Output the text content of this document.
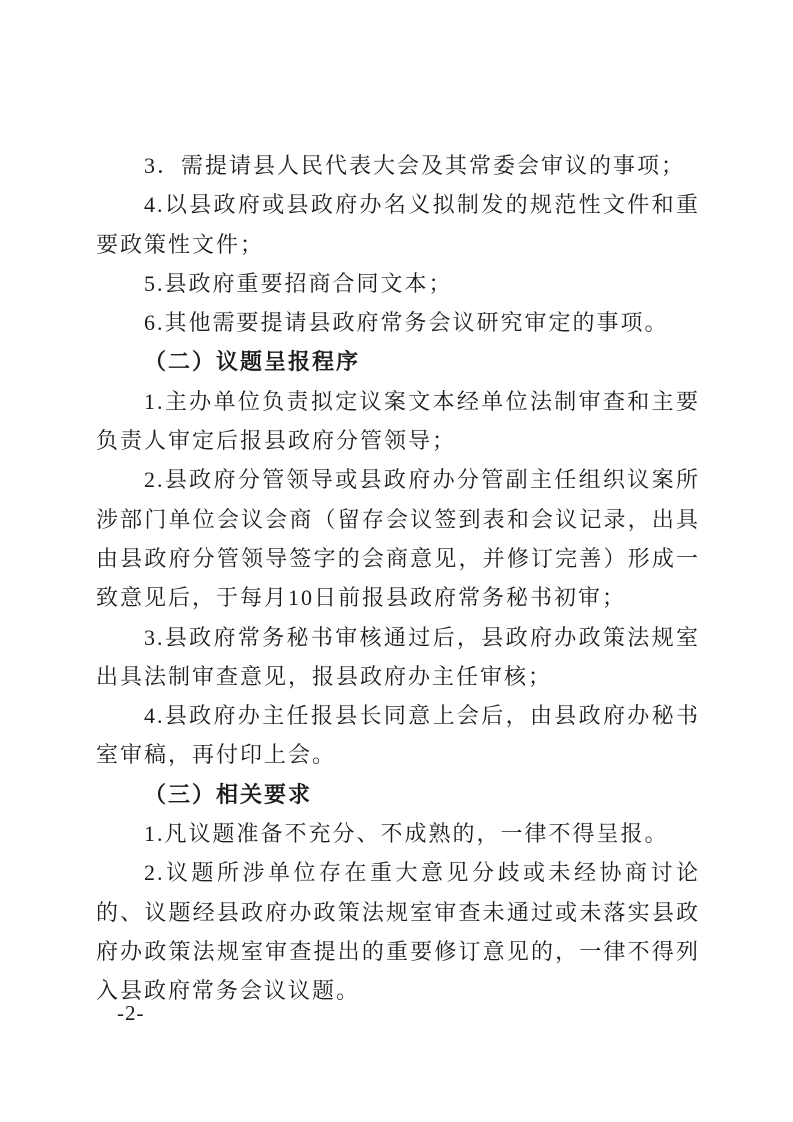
3．需提请县人民代表大会及其常委会审议的事项；

4.以县政府或县政府办名义拟制发的规范性文件和重要政策性文件；

5.县政府重要招商合同文本；

6.其他需要提请县政府常务会议研究审定的事项。

（二）议题呈报程序

1.主办单位负责拟定议案文本经单位法制审查和主要负责人审定后报县政府分管领导；

2.县政府分管领导或县政府办分管副主任组织议案所涉部门单位会议会商（留存会议签到表和会议记录，出具由县政府分管领导签字的会商意见，并修订完善）形成一致意见后，于每月10日前报县政府常务秘书初审；

3.县政府常务秘书审核通过后，县政府办政策法规室出具法制审查意见，报县政府办主任审核；

4.县政府办主任报县长同意上会后，由县政府办秘书室审稿，再付印上会。

（三）相关要求

1.凡议题准备不充分、不成熟的，一律不得呈报。

2.议题所涉单位存在重大意见分歧或未经协商讨论的、议题经县政府办政策法规室审查未通过或未落实县政府办政策法规室审查提出的重要修订意见的，一律不得列入县政府常务会议议题。

-2-
